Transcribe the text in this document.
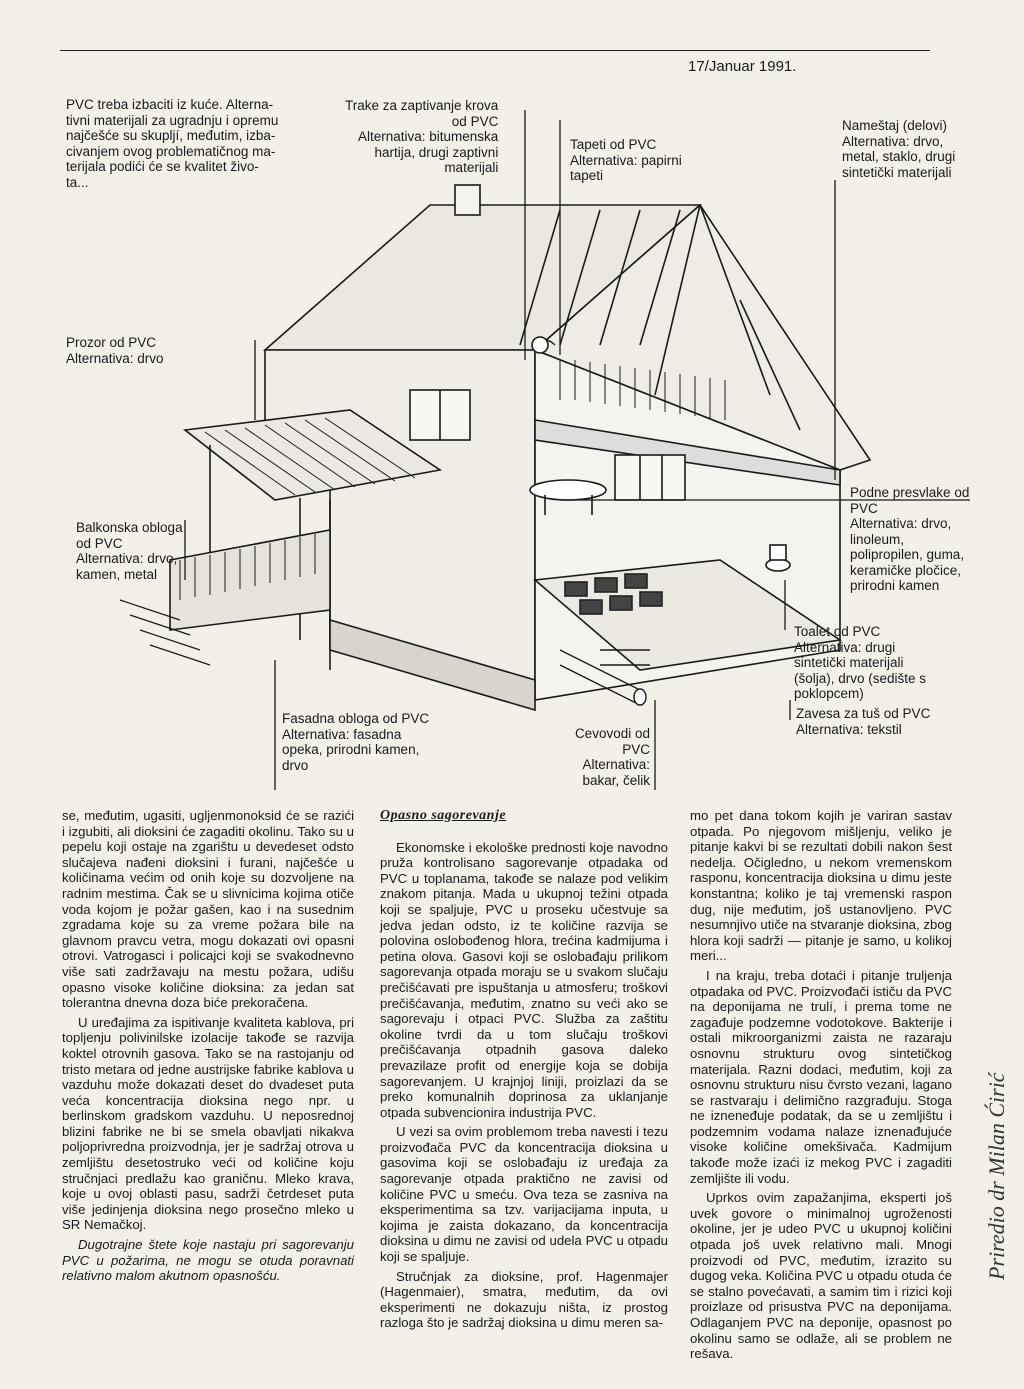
17/Januar 1991.
PVC treba izbaciti iz kuće. Alterna-
tivni materijali za ugradnju i opremu
najčešće su skupljí, međutim, izba-
civanjem ovog problematičnog ma-
terijala podići će se kvalitet živo-
ta...
Trake za zaptivanje krova
od PVC
Alternativa: bitumenska
hartija, drugi zaptivni
materijali
Tapeti od PVC
Alternativa: papirni
tapeti
Nameštaj (delovi)
Alternativa: drvo,
metal, staklo, drugi
sintetički materijali
Prozor od PVC
Alternativa: drvo
Balkonska obloga
od PVC
Alternativa: drvo,
kamen, metal
Podne presvlake od
PVC
Alternativa: drvo,
linoleum,
polipropilen, guma,
keramičke pločice,
prirodni kamen
Toalet od PVC
Alternativa: drugi
sintetički materijali
(šolja), drvo (sedište s
poklopcem)
Zavesa za tuš od PVC
Alternativa: tekstil
Fasadna obloga od PVC
Alternativa: fasadna
opeka, prirodni kamen,
drvo
Cevovodi od
PVC
Alternativa:
bakar, čelik

se, međutim, ugasiti, ugljenmonoksid će se razići i izgubiti, ali dioksini će zagaditi okolinu. Tako su u pepelu koji ostaje na zgarištu u devedeset odsto slučajeva nađeni dioksini i furani, najčešće u količinama većim od onih koje su dozvoljene na radnim mestima. Čak se u slivnicima kojima otiče voda kojom je požar gašen, kao i na susednim zgradama koje su za vreme požara bile na glavnom pravcu vetra, mogu dokazati ovi opasni otrovi. Vatrogasci i policajci koji se svakodnevno više sati zadržavaju na mestu požara, udišu opasno visoke količine dioksina: za jedan sat tolerantna dnevna doza biće prekoračena.

U uređajima za ispitivanje kvaliteta kablova, pri topljenju polivinilske izolacije takođe se razvija koktel otrovnih gasova. Tako se na rastojanju od tristo metara od jedne austrijske fabrike kablova u vazduhu može dokazati deset do dvadeset puta veća koncentracija dioksina nego npr. u berlinskom gradskom vazduhu. U neposrednoj blizini fabrike ne bi se smela obavljati nikakva poljoprivredna proizvodnja, jer je sadržaj otrova u zemljištu desetostruko veći od količine koju stručnjaci predlažu kao graničnu. Mleko krava, koje u ovoj oblasti pasu, sadrži četrdeset puta više jedinjenja dioksina nego prosečno mleko u SR Nemačkoj.

Dugotrajne štete koje nastaju pri sagorevanju PVC u požarima, ne mogu se otuda poravnati relativno malom akutnom opasnošću.

Opasno sagorevanje

Ekonomske i ekološke prednosti koje navodno pruža kontrolisano sagorevanje otpadaka od PVC u toplanama, takođe se nalaze pod velikim znakom pitanja. Mada u ukupnoj težini otpada koji se spaljuje, PVC u proseku učestvuje sa jedva jedan odsto, iz te količine razvija se polovina oslobođenog hlora, trećina kadmijuma i petina olova. Gasovi koji se oslobađaju prilikom sagorevanja otpada moraju se u svakom slučaju prečišćavati pre ispuštanja u atmosferu; troškovi prečišćavanja, međutim, znatno su veći ako se sagorevaju i otpaci PVC. Služba za zaštitu okoline tvrdi da u tom slučaju troškovi prečišćavanja otpadnih gasova daleko prevazilaze profit od energije koja se dobija sagorevanjem. U krajnjoj liniji, proizlazi da se preko komunalnih doprinosa za uklanjanje otpada subvencionira industrija PVC.

U vezi sa ovim problemom treba navesti i tezu proizvođača PVC da koncentracija dioksina u gasovima koji se oslobađaju iz uređaja za sagorevanje otpada praktično ne zavisi od količine PVC u smeću. Ova teza se zasniva na eksperimentima sa tzv. varijacijama inputa, u kojima je zaista dokazano, da koncentracija dioksina u dimu ne zavisi od udela PVC u otpadu koji se spaljuje.

Stručnjak za dioksine, prof. Hagenmajer (Hagenmaier), smatra, međutim, da ovi eksperimenti ne dokazuju ništa, iz prostog razloga što je sadržaj dioksina u dimu meren sa-

mo pet dana tokom kojih je variran sastav otpada. Po njegovom mišljenju, veliko je pitanje kakvi bi se rezultati dobili nakon šest nedelja. Očigledno, u nekom vremenskom rasponu, koncentracija dioksina u dimu jeste konstantna; koliko je taj vremenski raspon dug, nije međutim, još ustanovljeno. PVC nesumnjivo utiče na stvaranje dioksina, zbog hlora koji sadrži — pitanje je samo, u kolikoj meri...

I na kraju, treba dotaći i pitanje truljenja otpadaka od PVC. Proizvođači ističu da PVC na deponijama ne trulí, i prema tome ne zagađuje podzemne vodotokove. Bakterije i ostali mikroorganizmi zaista ne razaraju osnovnu strukturu ovog sintetičkog materijala. Razni dodaci, međutim, koji za osnovnu strukturu nisu čvrsto vezani, lagano se rastvaraju i delimično razgrađuju. Stoga ne izneneđuje podatak, da se u zemljištu i podzemnim vodama nalaze iznenađujuće visoke količine omekšivača. Kadmijum takođe može izaći iz mekog PVC i zagaditi zemljište ili vodu.

Uprkos ovim zapažanjima, eksperti još uvek govore o minimalnoj ugroženosti okoline, jer je udeo PVC u ukupnoj količini otpada još uvek relativno mali. Mnogi proizvodi od PVC, međutim, izrazito su dugog veka. Količina PVC u otpadu otuda će se stalno povećavati, a samim tim i rizici koji proizlaze od prisustva PVC na deponijama. Odlaganjem PVC na deponije, opasnost po okolinu samo se odlaže, ali se problem ne rešava.

Priredio dr Milan Ćirić
